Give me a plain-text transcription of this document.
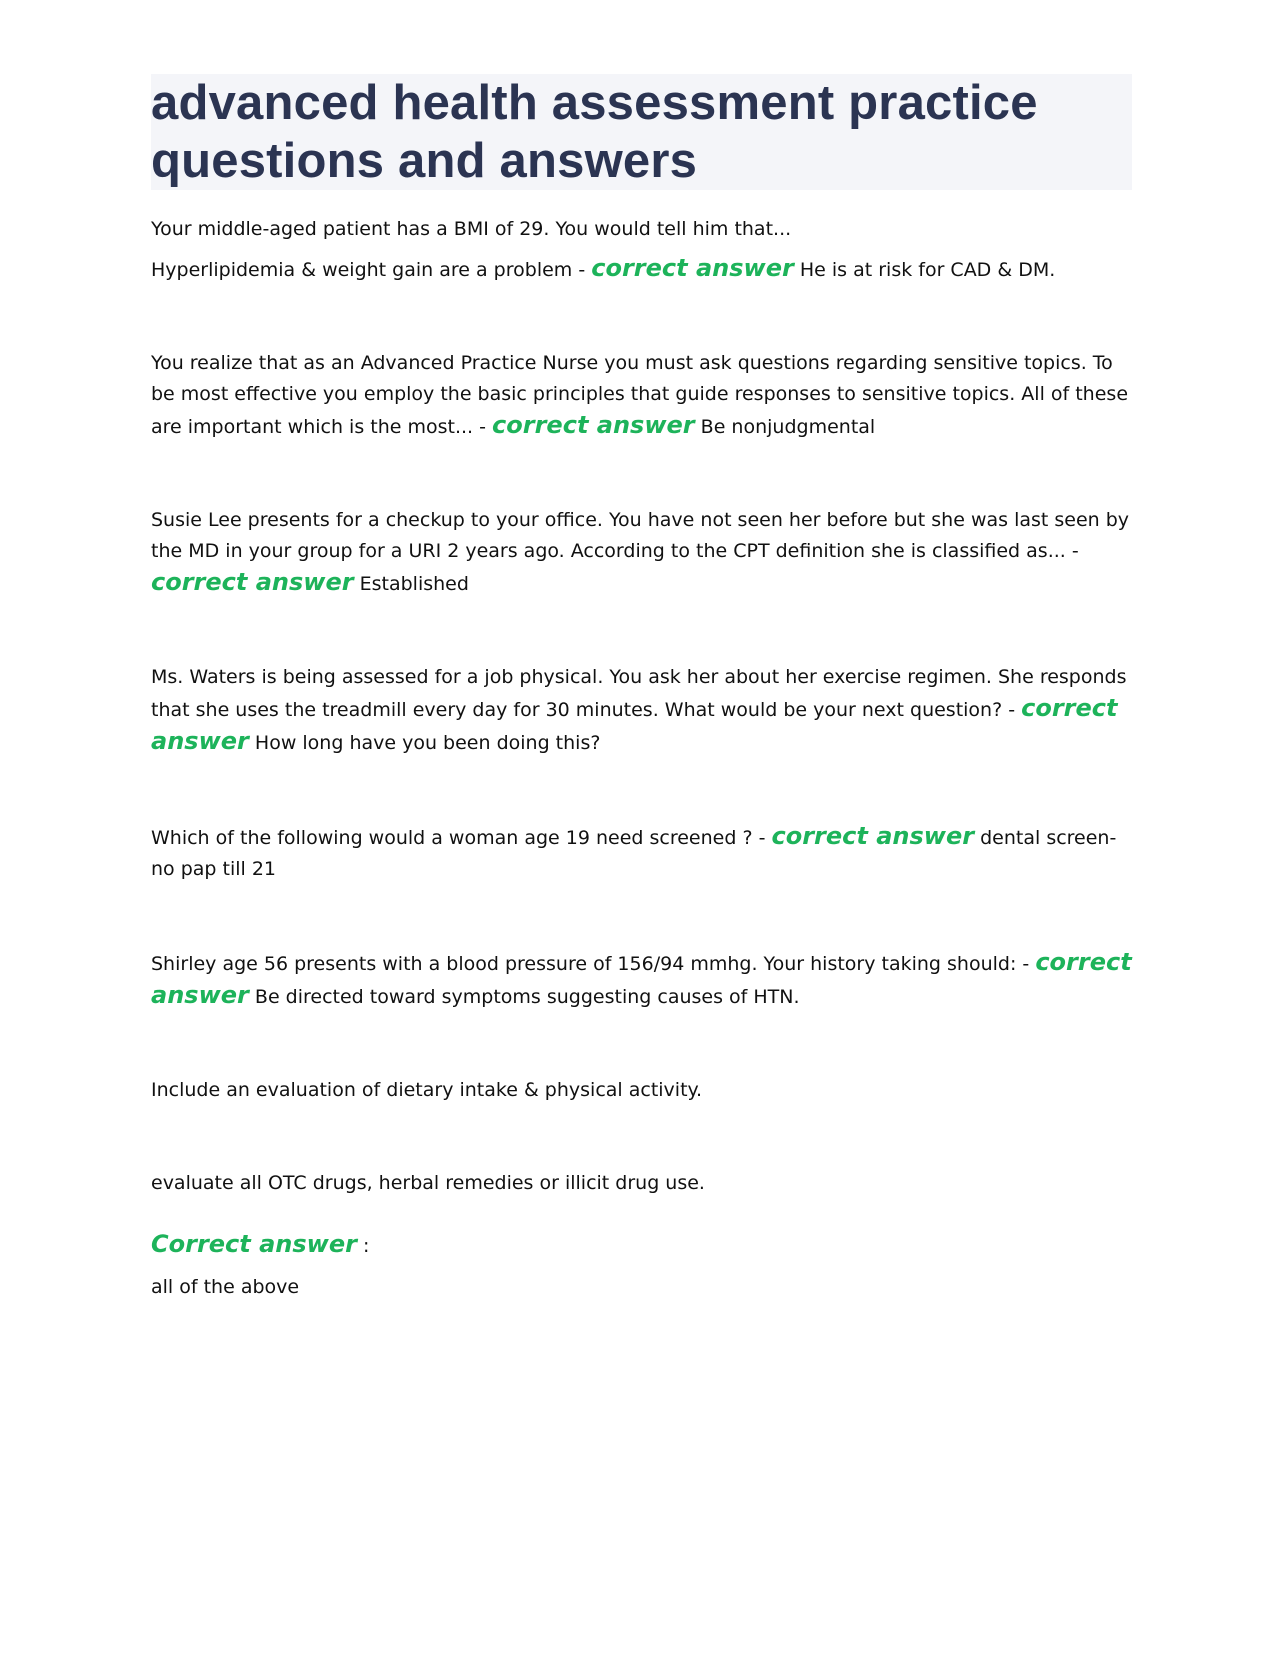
advanced health assessment practice questions and answers

Your middle-aged patient has a BMI of 29. You would tell him that...

Hyperlipidemia & weight gain are a problem - correct answer He is at risk for CAD & DM.

You realize that as an Advanced Practice Nurse you must ask questions regarding sensitive topics. To be most effective you employ the basic principles that guide responses to sensitive topics. All of these are important which is the most... - correct answer Be nonjudgmental

Susie Lee presents for a checkup to your office. You have not seen her before but she was last seen by the MD in your group for a URI 2 years ago. According to the CPT definition she is classified as... - correct answer Established

Ms. Waters is being assessed for a job physical. You ask her about her exercise regimen. She responds that she uses the treadmill every day for 30 minutes. What would be your next question? - correct answer How long have you been doing this?

Which of the following would a woman age 19 need screened ? - correct answer dental screen- no pap till 21

Shirley age 56 presents with a blood pressure of 156/94 mmhg. Your history taking should: - correct answer Be directed toward symptoms suggesting causes of HTN.

Include an evaluation of dietary intake & physical activity.

evaluate all OTC drugs, herbal remedies or illicit drug use.

Correct answer :

all of the above
